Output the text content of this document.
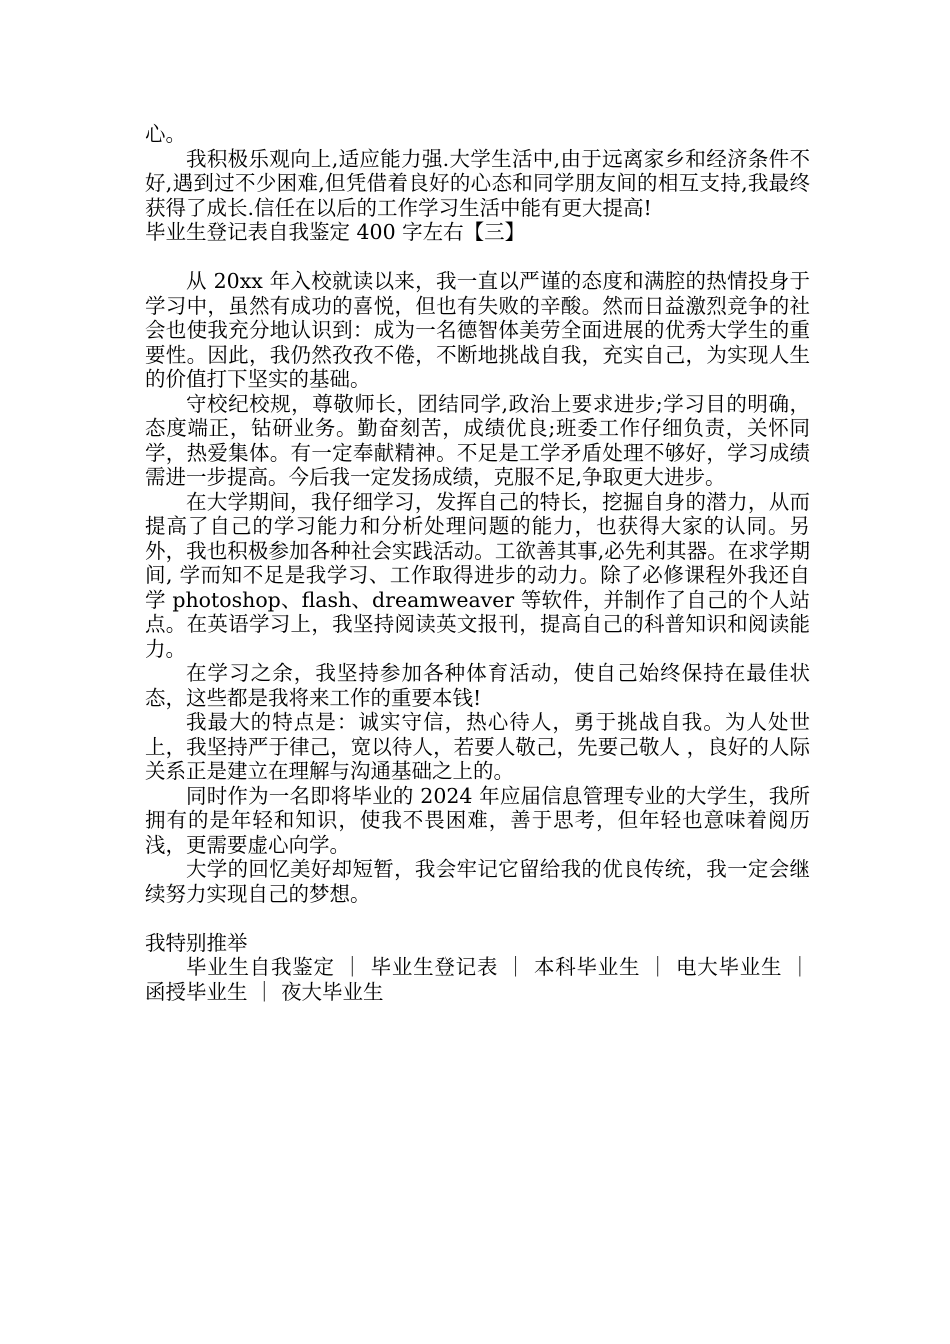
心。

我积极乐观向上,适应能力强.大学生活中,由于远离家乡和经济条件不好,遇到过不少困难,但凭借着良好的心态和同学朋友间的相互支持,我最终获得了成长.信任在以后的工作学习生活中能有更大提高!

毕业生登记表自我鉴定 400 字左右【三】

从 20xx 年入校就读以来，我一直以严谨的态度和满腔的热情投身于学习中，虽然有成功的喜悦，但也有失败的辛酸。然而日益激烈竞争的社会也使我充分地认识到：成为一名德智体美劳全面进展的优秀大学生的重要性。因此，我仍然孜孜不倦，不断地挑战自我，充实自己，为实现人生的价值打下坚实的基础。

守校纪校规，尊敬师长，团结同学,政治上要求进步;学习目的明确，态度端正，钻研业务。勤奋刻苦，成绩优良;班委工作仔细负责，关怀同学，热爱集体。有一定奉献精神。不足是工学矛盾处理不够好，学习成绩需进一步提高。今后我一定发扬成绩，克服不足,争取更大进步。

在大学期间，我仔细学习，发挥自己的特长，挖掘自身的潜力，从而提高了自己的学习能力和分析处理问题的能力，也获得大家的认同。另外，我也积极参加各种社会实践活动。工欲善其事,必先利其器。在求学期间, 学而知不足是我学习、工作取得进步的动力。除了必修课程外我还自学 photoshop、flash、dreamweaver 等软件，并制作了自己的个人站点。在英语学习上，我坚持阅读英文报刊，提高自己的科普知识和阅读能力。

在学习之余，我坚持参加各种体育活动，使自己始终保持在最佳状态，这些都是我将来工作的重要本钱!

我最大的特点是：诚实守信，热心待人，勇于挑战自我。为人处世上，我坚持严于律己，宽以待人，若要人敬己，先要己敬人 ，良好的人际关系正是建立在理解与沟通基础之上的。

同时作为一名即将毕业的 2024 年应届信息管理专业的大学生，我所拥有的是年轻和知识，使我不畏困难，善于思考，但年轻也意味着阅历浅，更需要虚心向学。

大学的回忆美好却短暂，我会牢记它留给我的优良传统，我一定会继续努力实现自己的梦想。

我特别推举

毕业生自我鉴定 ｜ 毕业生登记表 ｜ 本科毕业生 ｜ 电大毕业生 ｜ 函授毕业生 ｜ 夜大毕业生
